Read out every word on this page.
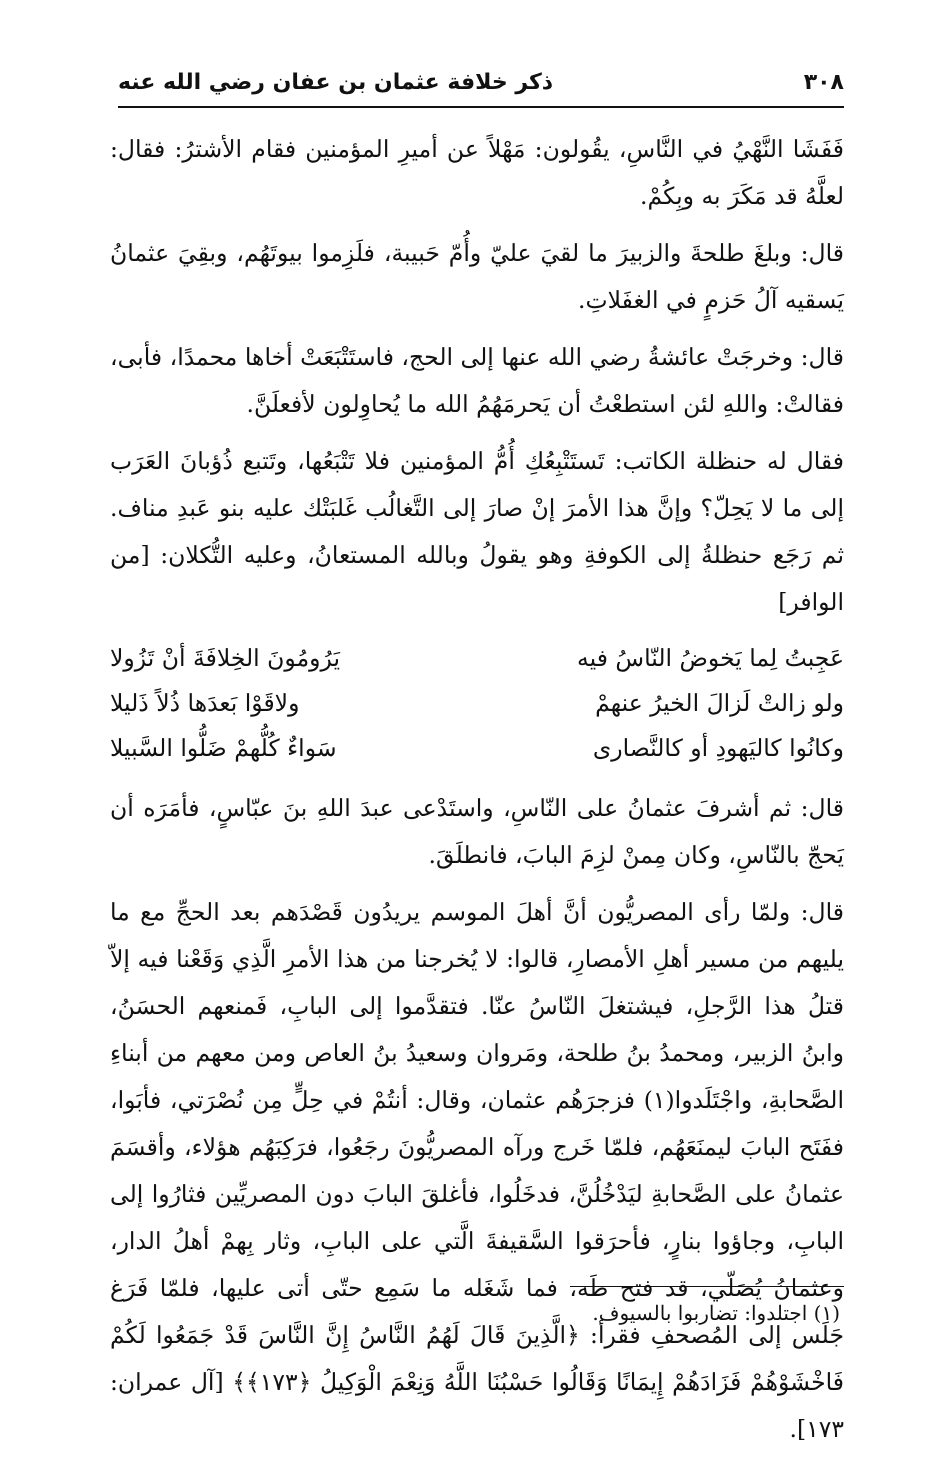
٣٠٨
ذكر خلافة عثمان بن عفان رضي الله عنه

فَفَشَا النَّهْيُ في النَّاسِ، يقُولون: مَهْلاً عن أميرِ المؤمنين فقام الأشترُ: فقال: لعلَّهُ قد مَكَرَ به وبِكُمْ.

قال: وبلغَ طلحةَ والزبيرَ ما لقيَ عليّ وأُمّ حَبيبة، فلَزِموا بيوتَهُم، وبقِيَ عثمانُ يَسقيه آلُ حَزمٍ في الغفَلاتِ.

قال: وخرجَتْ عائشةُ رضي الله عنها إلى الحج، فاستَتْبَعَتْ أخاها محمدًا، فأبى، فقالتْ: واللهِ لئن استطعْتُ أن يَحرمَهُمُ الله ما يُحاوِلون لأفعلَنَّ.

فقال له حنظلة الكاتب: تَستَتْبِعُكِ أُمُّ المؤمنين فلا تَتْبَعُها، وتَتبع ذُؤبانَ العَرَب إلى ما لا يَحِلّ؟ وإنَّ هذا الأمرَ إنْ صارَ إلى التَّغالُب غَلبَتْك عليه بنو عَبدِ مناف. ثم رَجَع حنظلةُ إلى الكوفةِ وهو يقولُ وبالله المستعانُ، وعليه التُّكلان: [من الوافر]

عَجِبتُ لِما يَخوضُ النّاسُ فيه
يَرُومُونَ الخِلافَةَ أنْ تَزُولا
ولو زالتْ لَزالَ الخيرُ عنهمْ
ولاقَوْا بَعدَها ذُلاً ذَليلا
وكانُوا كاليَهودِ أو كالنَّصارى
سَواءٌ كُلُّهمْ ضَلُّوا السَّبيلا

قال: ثم أشرفَ عثمانُ على النّاسِ، واستَدْعى عبدَ اللهِ بنَ عبّاسٍ، فأمَرَه أن يَحجّ بالنّاسِ، وكان مِمنْ لزِمَ البابَ، فانطلَقَ.

قال: ولمّا رأى المصريُّون أنَّ أهلَ الموسم يريدُون قَصْدَهم بعد الحجِّ مع ما يليهم من مسير أهلِ الأمصارِ، قالوا: لا يُخرجنا من هذا الأمرِ الَّذِي وَقَعْنا فيه إلاّ قتلُ هذا الرَّجلِ، فيشتغلَ النّاسُ عنّا. فتقدَّموا إلى البابِ، فَمنعهم الحسَنُ، وابنُ الزبير، ومحمدُ بنُ طلحة، ومَروان وسعيدُ بنُ العاص ومن معهم من أبناءِ الصَّحابةِ، واجْتَلَدوا(١) فزجرَهُم عثمان، وقال: أنتُمْ في حِلٍّ مِن نُصْرَتي، فأبَوا، ففَتَح البابَ ليمنَعَهُم، فلمّا خَرج ورآه المصريُّونَ رجَعُوا، فرَكِبَهُم هؤلاء، وأقسَمَ عثمانُ على الصَّحابةِ ليَدْخُلُنَّ، فدخَلُوا، فأغلقَ البابَ دون المصريِّين فثارُوا إلى البابِ، وجاؤوا بنارٍ، فأحرَقوا السَّقيفةَ الَّتي على البابِ، وثار بِهمْ أهلُ الدار، وعثمانُ يُصَلّي، قد فتح طَه، فما شَغَله ما سَمِع حتّى أتى عليها، فلمّا فَرَغ جَلَس إلى المُصحفِ فقرأ: ﴿الَّذِينَ قَالَ لَهُمُ النَّاسُ إِنَّ النَّاسَ قَدْ جَمَعُوا لَكُمْ فَاخْشَوْهُمْ فَزَادَهُمْ إِيمَانًا وَقَالُوا حَسْبُنَا اللَّهُ وَنِعْمَ الْوَكِيلُ ﴿١٧٣﴾﴾ [آل عمران: ١٧٣].

(١) اجتلدوا: تضاربوا بالسيوف.
